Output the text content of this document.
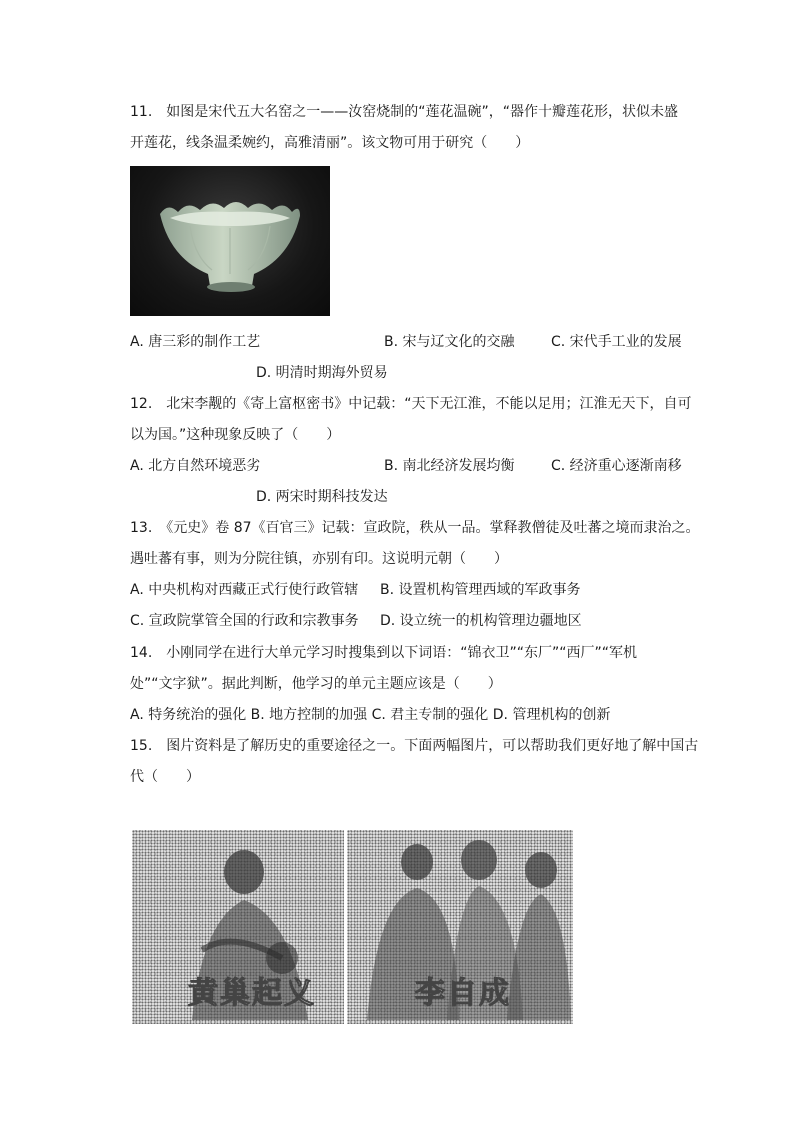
11.　如图是宋代五大名窑之一——汝窑烧制的“莲花温碗”，“器作十瓣莲花形，状似未盛
开莲花，线条温柔婉约，高雅清丽”。该文物可用于研究（　　）
A. 唐三彩的制作工艺	B. 宋与辽文化的交融	C. 宋代手工业的发展
D. 明清时期海外贸易
12.　北宋李觏的《寄上富枢密书》中记载：“天下无江淮，不能以足用；江淮无天下，自可
以为国。”这种现象反映了（　　）
A. 北方自然环境恶劣	B. 南北经济发展均衡	C. 经济重心逐渐南移
D. 两宋时期科技发达
13.　《元史》卷 87《百官三》记载：宣政院，秩从一品。掌释教僧徒及吐蕃之境而隶治之。
遇吐蕃有事，则为分院往镇，亦别有印。这说明元朝（　　）
A. 中央机构对西藏正式行使行政管辖 B. 设置机构管理西域的军政事务
C. 宣政院掌管全国的行政和宗教事务 D. 设立统一的机构管理边疆地区
14.　小刚同学在进行大单元学习时搜集到以下词语：“锦衣卫”“东厂”“西厂”“军机
处”“文字狱”。据此判断，他学习的单元主题应该是（　　）
A. 特务统治的强化 B. 地方控制的加强 C. 君主专制的强化 D. 管理机构的创新
15.　图片资料是了解历史的重要途径之一。下面两幅图片，可以帮助我们更好地了解中国古
代（　　）
黄巢起义	李自成
